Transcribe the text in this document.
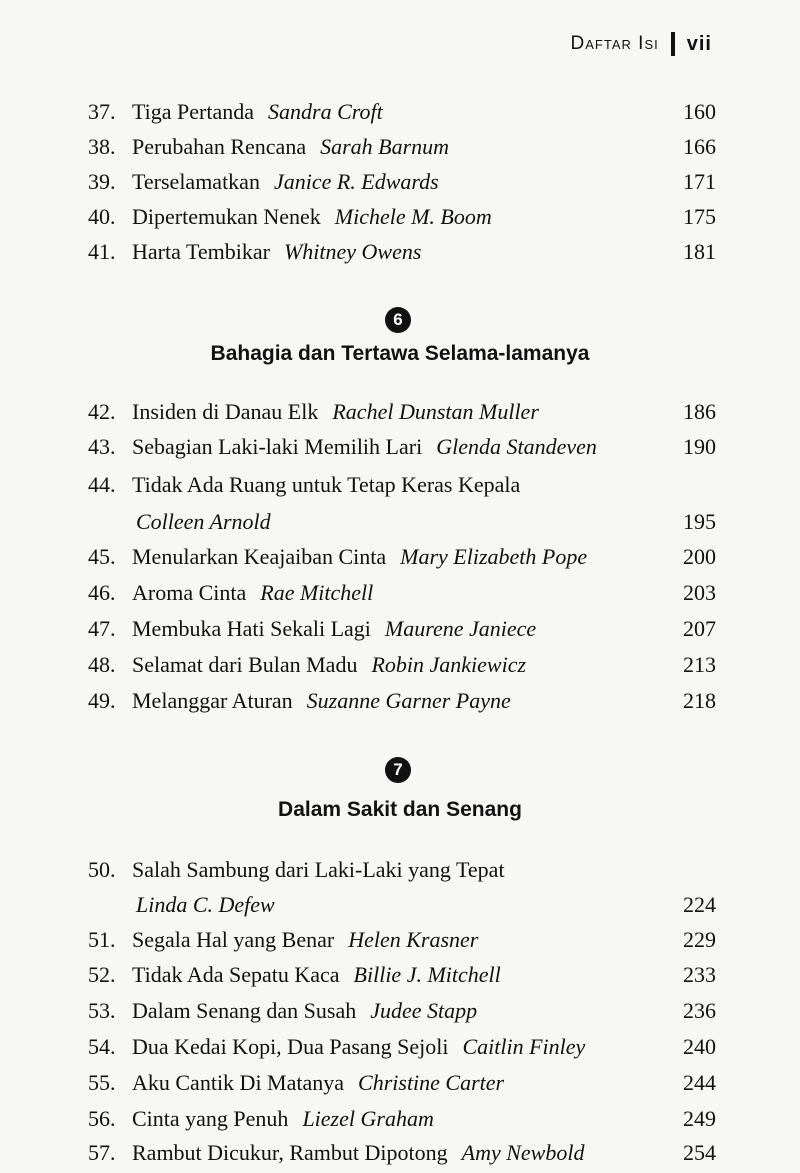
Daftar Isi vii
37. Tiga Pertanda Sandra Croft	160
38. Perubahan Rencana Sarah Barnum	166
39. Terselamatkan Janice R. Edwards	171
40. Dipertemukan Nenek Michele M. Boom	175
41. Harta Tembikar Whitney Owens	181
6
Bahagia dan Tertawa Selama-lamanya
42. Insiden di Danau Elk Rachel Dunstan Muller	186
43. Sebagian Laki-laki Memilih Lari Glenda Standeven	190
44. Tidak Ada Ruang untuk Tetap Keras Kepala
Colleen Arnold	195
45. Menularkan Keajaiban Cinta Mary Elizabeth Pope	200
46. Aroma Cinta Rae Mitchell	203
47. Membuka Hati Sekali Lagi Maurene Janiece	207
48. Selamat dari Bulan Madu Robin Jankiewicz	213
49. Melanggar Aturan Suzanne Garner Payne	218
7
Dalam Sakit dan Senang
50. Salah Sambung dari Laki-Laki yang Tepat
Linda C. Defew	224
51. Segala Hal yang Benar Helen Krasner	229
52. Tidak Ada Sepatu Kaca Billie J. Mitchell	233
53. Dalam Senang dan Susah Judee Stapp	236
54. Dua Kedai Kopi, Dua Pasang Sejoli Caitlin Finley	240
55. Aku Cantik Di Matanya Christine Carter	244
56. Cinta yang Penuh Liezel Graham	249
57. Rambut Dicukur, Rambut Dipotong Amy Newbold	254
